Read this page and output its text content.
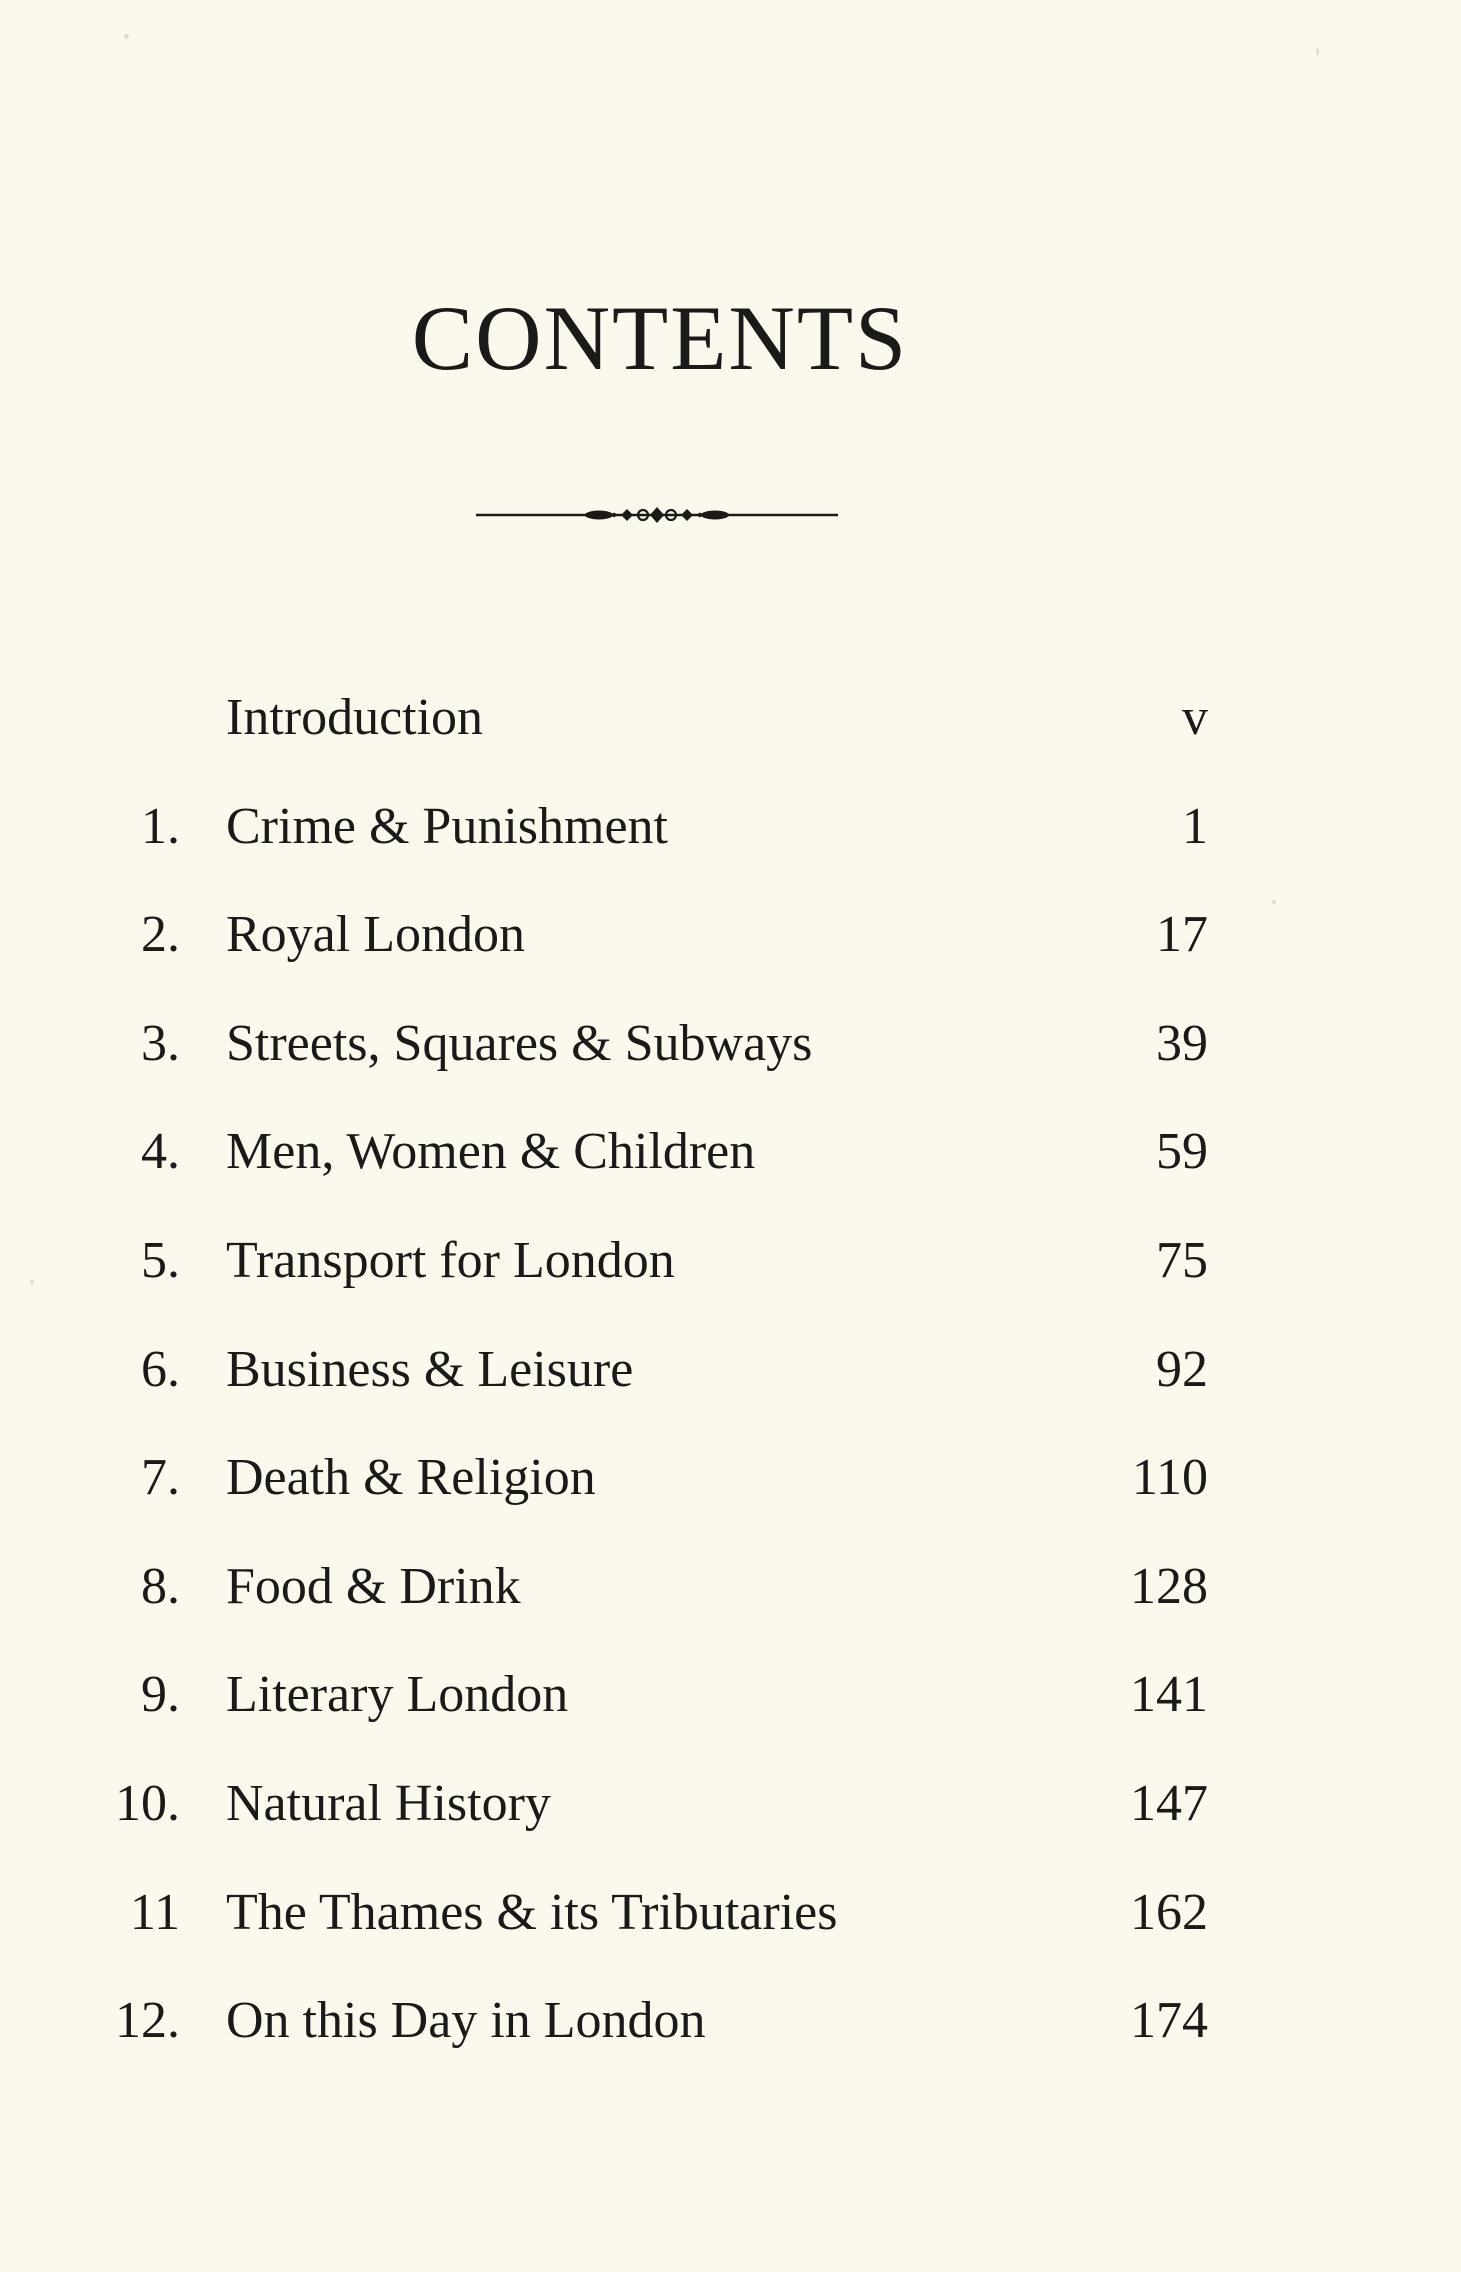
CONTENTS
Introduction	v
1. Crime & Punishment	1
2. Royal London	17
3. Streets, Squares & Subways	39
4. Men, Women & Children	59
5. Transport for London	75
6. Business & Leisure	92
7. Death & Religion	110
8. Food & Drink	128
9. Literary London	141
10. Natural History	147
11 The Thames & its Tributaries	162
12. On this Day in London	174
